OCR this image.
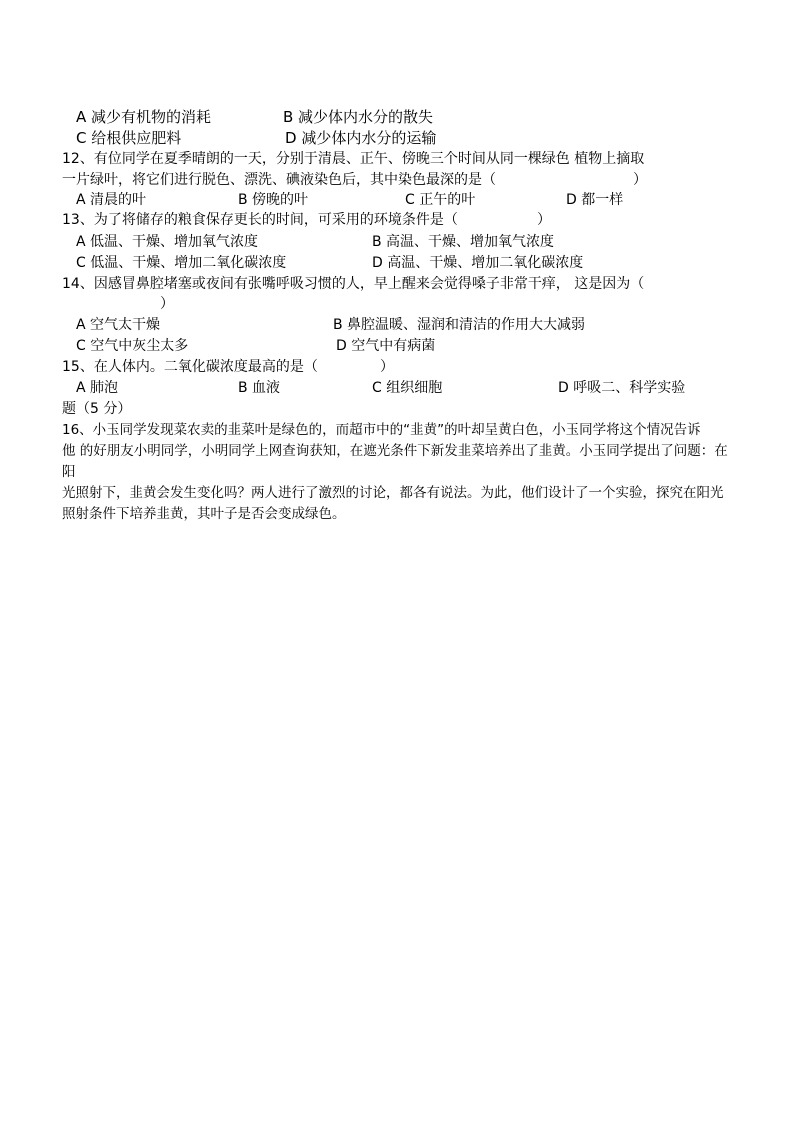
A 减少有机物的消耗	B 减少体内水分的散失
C 给根供应肥料	D 减少体内水分的运输
12、有位同学在夏季晴朗的一天，分别于清晨、正午、傍晚三个时间从同一棵绿色 植物上摘取
一片绿叶，将它们进行脱色、漂洗、碘液染色后，其中染色最深的是（	）
A 清晨的叶	B 傍晚的叶	C 正午的叶	D 都一样
13、为了将储存的粮食保存更长的时间，可采用的环境条件是（	）
A 低温、干燥、增加氧气浓度	B 高温、干燥、增加氧气浓度
C 低温、干燥、增加二氧化碳浓度	D 高温、干燥、增加二氧化碳浓度
14、因感冒鼻腔堵塞或夜间有张嘴呼吸习惯的人，早上醒来会觉得嗓子非常干痒， 这是因为（
）
A 空气太干燥	B 鼻腔温暖、湿润和清洁的作用大大减弱
C 空气中灰尘太多	D 空气中有病菌
15、在人体内。二氧化碳浓度最高的是（	）
A 肺泡	B 血液	C 组织细胞	D 呼吸二、科学实验
题（5 分）
16、小玉同学发现菜农卖的韭菜叶是绿色的，而超市中的“韭黄”的叶却呈黄白色，小玉同学将这个情况告诉
他 的好朋友小明同学，小明同学上网查询获知，在遮光条件下新发韭菜培养出了韭黄。小玉同学提出了问题：在
阳
光照射下，韭黄会发生变化吗？两人进行了激烈的讨论，都各有说法。为此，他们设计了一个实验，探究在阳光
照射条件下培养韭黄，其叶子是否会变成绿色。
